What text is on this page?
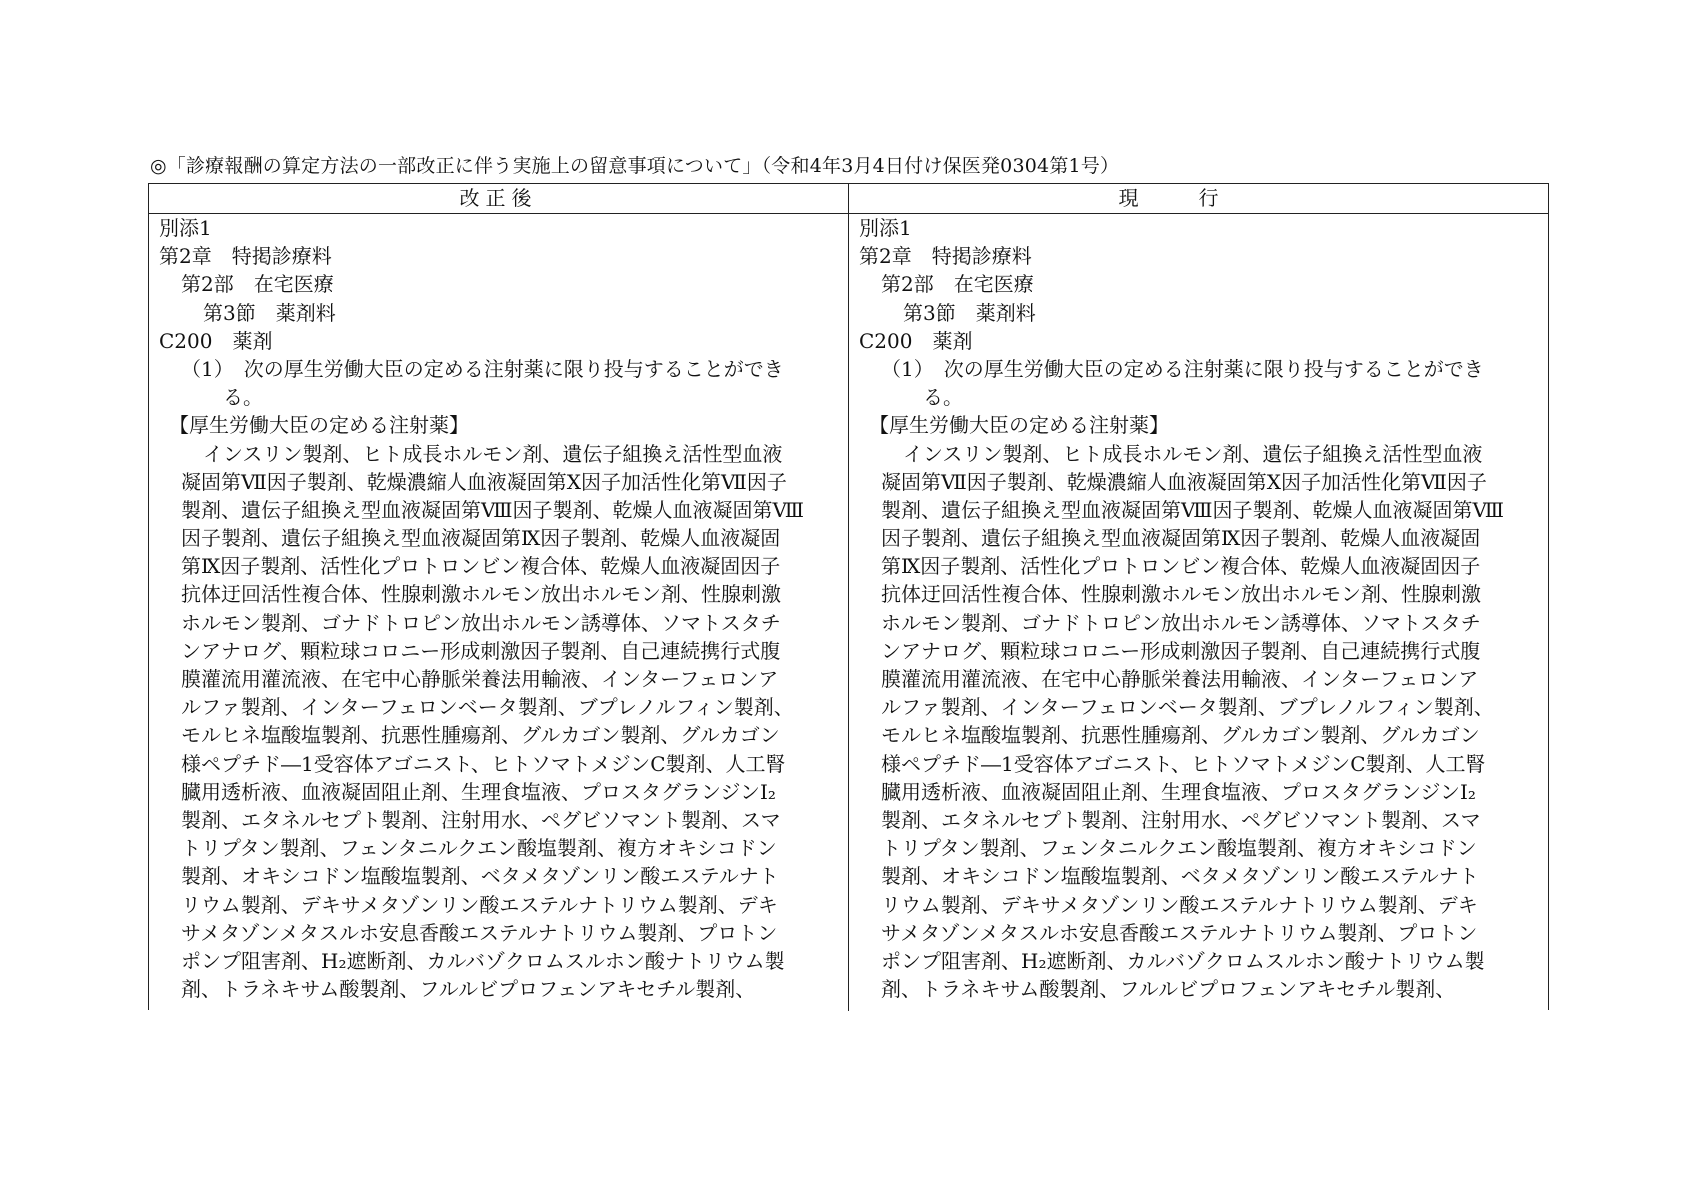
◎「診療報酬の算定方法の一部改正に伴う実施上の留意事項について」（令和4年3月4日付け保医発0304第1号）
改正後	現行
別添1
第2章　特掲診療料
第2部　在宅医療
第3節　薬剤料
C200　薬剤
（1）　次の厚生労働大臣の定める注射薬に限り投与することができ
る。
【厚生労働大臣の定める注射薬】
インスリン製剤、ヒト成長ホルモン剤、遺伝子組換え活性型血液
凝固第Ⅶ因子製剤、乾燥濃縮人血液凝固第Ⅹ因子加活性化第Ⅶ因子
製剤、遺伝子組換え型血液凝固第Ⅷ因子製剤、乾燥人血液凝固第Ⅷ
因子製剤、遺伝子組換え型血液凝固第Ⅸ因子製剤、乾燥人血液凝固
第Ⅸ因子製剤、活性化プロトロンビン複合体、乾燥人血液凝固因子
抗体迂回活性複合体、性腺刺激ホルモン放出ホルモン剤、性腺刺激
ホルモン製剤、ゴナドトロピン放出ホルモン誘導体、ソマトスタチ
ンアナログ、顆粒球コロニー形成刺激因子製剤、自己連続携行式腹
膜灌流用灌流液、在宅中心静脈栄養法用輸液、インターフェロンア
ルファ製剤、インターフェロンベータ製剤、ブプレノルフィン製剤、
モルヒネ塩酸塩製剤、抗悪性腫瘍剤、グルカゴン製剤、グルカゴン
様ペプチド―1受容体アゴニスト、ヒトソマトメジンC製剤、人工腎
臓用透析液、血液凝固阻止剤、生理食塩液、プロスタグランジンI₂
製剤、エタネルセプト製剤、注射用水、ペグビソマント製剤、スマ
トリプタン製剤、フェンタニルクエン酸塩製剤、複方オキシコドン
製剤、オキシコドン塩酸塩製剤、ベタメタゾンリン酸エステルナト
リウム製剤、デキサメタゾンリン酸エステルナトリウム製剤、デキ
サメタゾンメタスルホ安息香酸エステルナトリウム製剤、プロトン
ポンプ阻害剤、H₂遮断剤、カルバゾクロムスルホン酸ナトリウム製
剤、トラネキサム酸製剤、フルルビプロフェンアキセチル製剤、
別添1
第2章　特掲診療料
第2部　在宅医療
第3節　薬剤料
C200　薬剤
（1）　次の厚生労働大臣の定める注射薬に限り投与することができ
る。
【厚生労働大臣の定める注射薬】
インスリン製剤、ヒト成長ホルモン剤、遺伝子組換え活性型血液
凝固第Ⅶ因子製剤、乾燥濃縮人血液凝固第Ⅹ因子加活性化第Ⅶ因子
製剤、遺伝子組換え型血液凝固第Ⅷ因子製剤、乾燥人血液凝固第Ⅷ
因子製剤、遺伝子組換え型血液凝固第Ⅸ因子製剤、乾燥人血液凝固
第Ⅸ因子製剤、活性化プロトロンビン複合体、乾燥人血液凝固因子
抗体迂回活性複合体、性腺刺激ホルモン放出ホルモン剤、性腺刺激
ホルモン製剤、ゴナドトロピン放出ホルモン誘導体、ソマトスタチ
ンアナログ、顆粒球コロニー形成刺激因子製剤、自己連続携行式腹
膜灌流用灌流液、在宅中心静脈栄養法用輸液、インターフェロンア
ルファ製剤、インターフェロンベータ製剤、ブプレノルフィン製剤、
モルヒネ塩酸塩製剤、抗悪性腫瘍剤、グルカゴン製剤、グルカゴン
様ペプチド―1受容体アゴニスト、ヒトソマトメジンC製剤、人工腎
臓用透析液、血液凝固阻止剤、生理食塩液、プロスタグランジンI₂
製剤、エタネルセプト製剤、注射用水、ペグビソマント製剤、スマ
トリプタン製剤、フェンタニルクエン酸塩製剤、複方オキシコドン
製剤、オキシコドン塩酸塩製剤、ベタメタゾンリン酸エステルナト
リウム製剤、デキサメタゾンリン酸エステルナトリウム製剤、デキ
サメタゾンメタスルホ安息香酸エステルナトリウム製剤、プロトン
ポンプ阻害剤、H₂遮断剤、カルバゾクロムスルホン酸ナトリウム製
剤、トラネキサム酸製剤、フルルビプロフェンアキセチル製剤、
